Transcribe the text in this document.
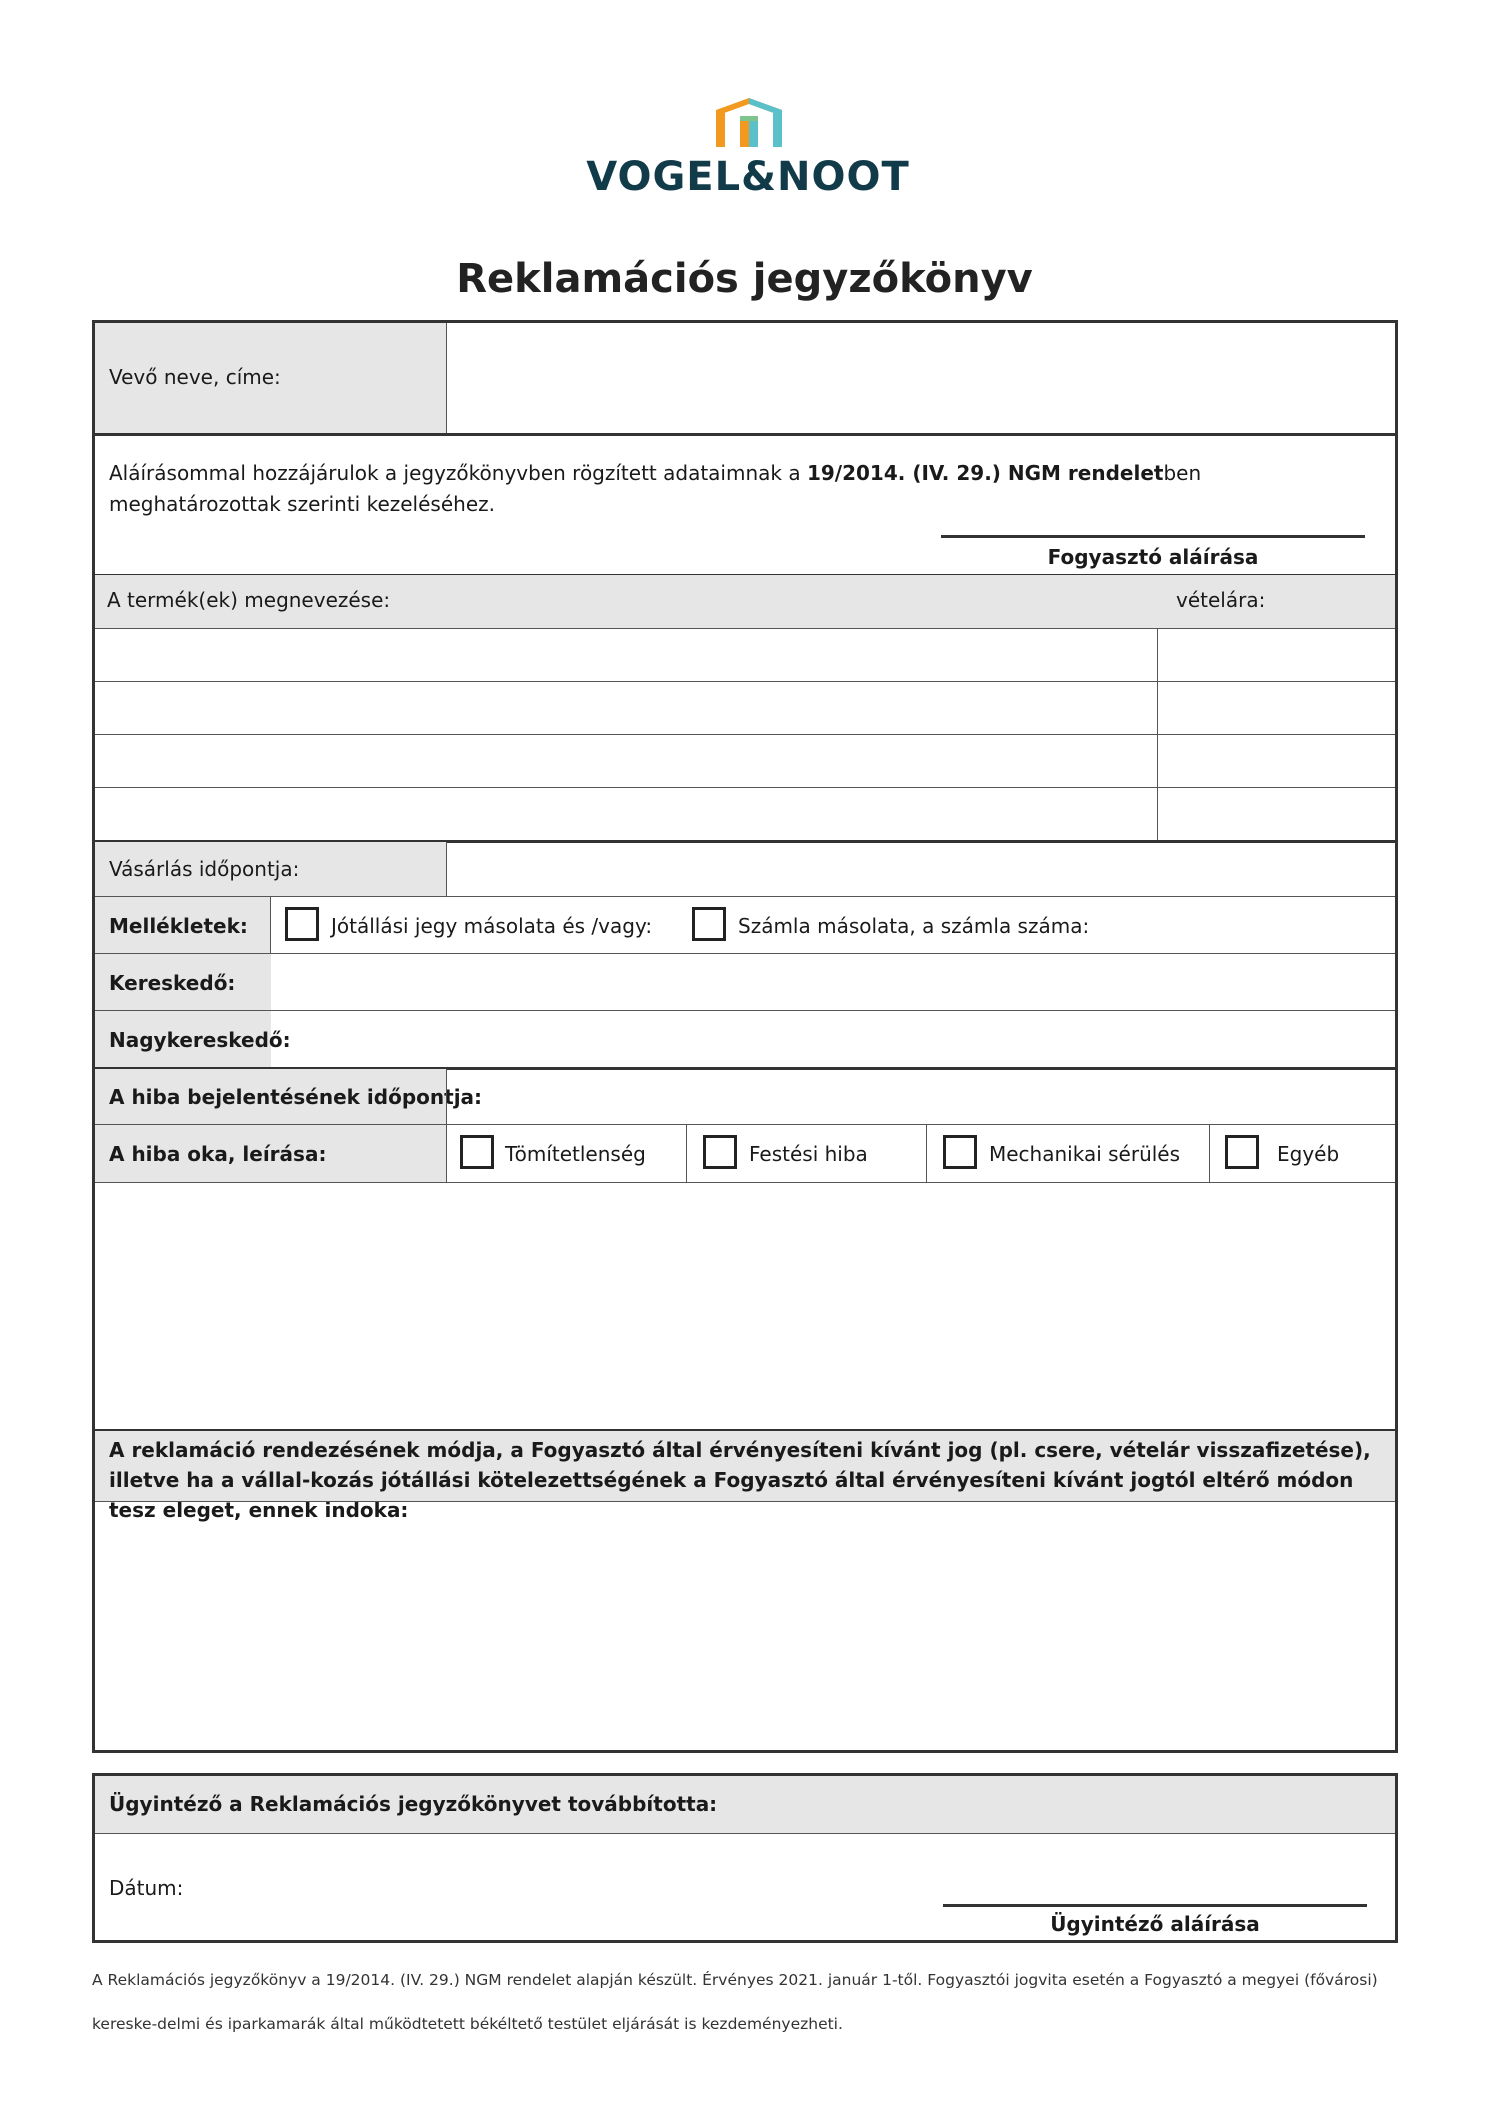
VOGEL&NOOT
Reklamációs jegyzőkönyv
Vevő neve, címe:
Aláírásommal hozzájárulok a jegyzőkönyvben rögzített adataimnak a 19/2014. (IV. 29.) NGM rendeletben meghatározottak szerinti kezeléséhez.
Fogyasztó aláírása
A termék(ek) megnevezése:	vételára:
Vásárlás időpontja:
Mellékletek:	Jótállási jegy másolata és /vagy:	Számla másolata, a számla száma:
Kereskedő:
Nagykereskedő:
A hiba bejelentésének időpontja:
A hiba oka, leírása:	Tömítetlenség	Festési hiba	Mechanikai sérülés	Egyéb
A reklamáció rendezésének módja, a Fogyasztó által érvényesíteni kívánt jog (pl. csere, vételár visszafizetése), illetve ha a vállal-kozás jótállási kötelezettségének a Fogyasztó által érvényesíteni kívánt jogtól eltérő módon tesz eleget, ennek indoka:
Ügyintéző a Reklamációs jegyzőkönyvet továbbította:
Dátum:
Ügyintéző aláírása
A Reklamációs jegyzőkönyv a 19/2014. (IV. 29.) NGM rendelet alapján készült. Érvényes 2021. január 1-től. Fogyasztói jogvita esetén a Fogyasztó a megyei (fővárosi) kereske-delmi és iparkamarák által működtetett békéltető testület eljárását is kezdeményezheti.
